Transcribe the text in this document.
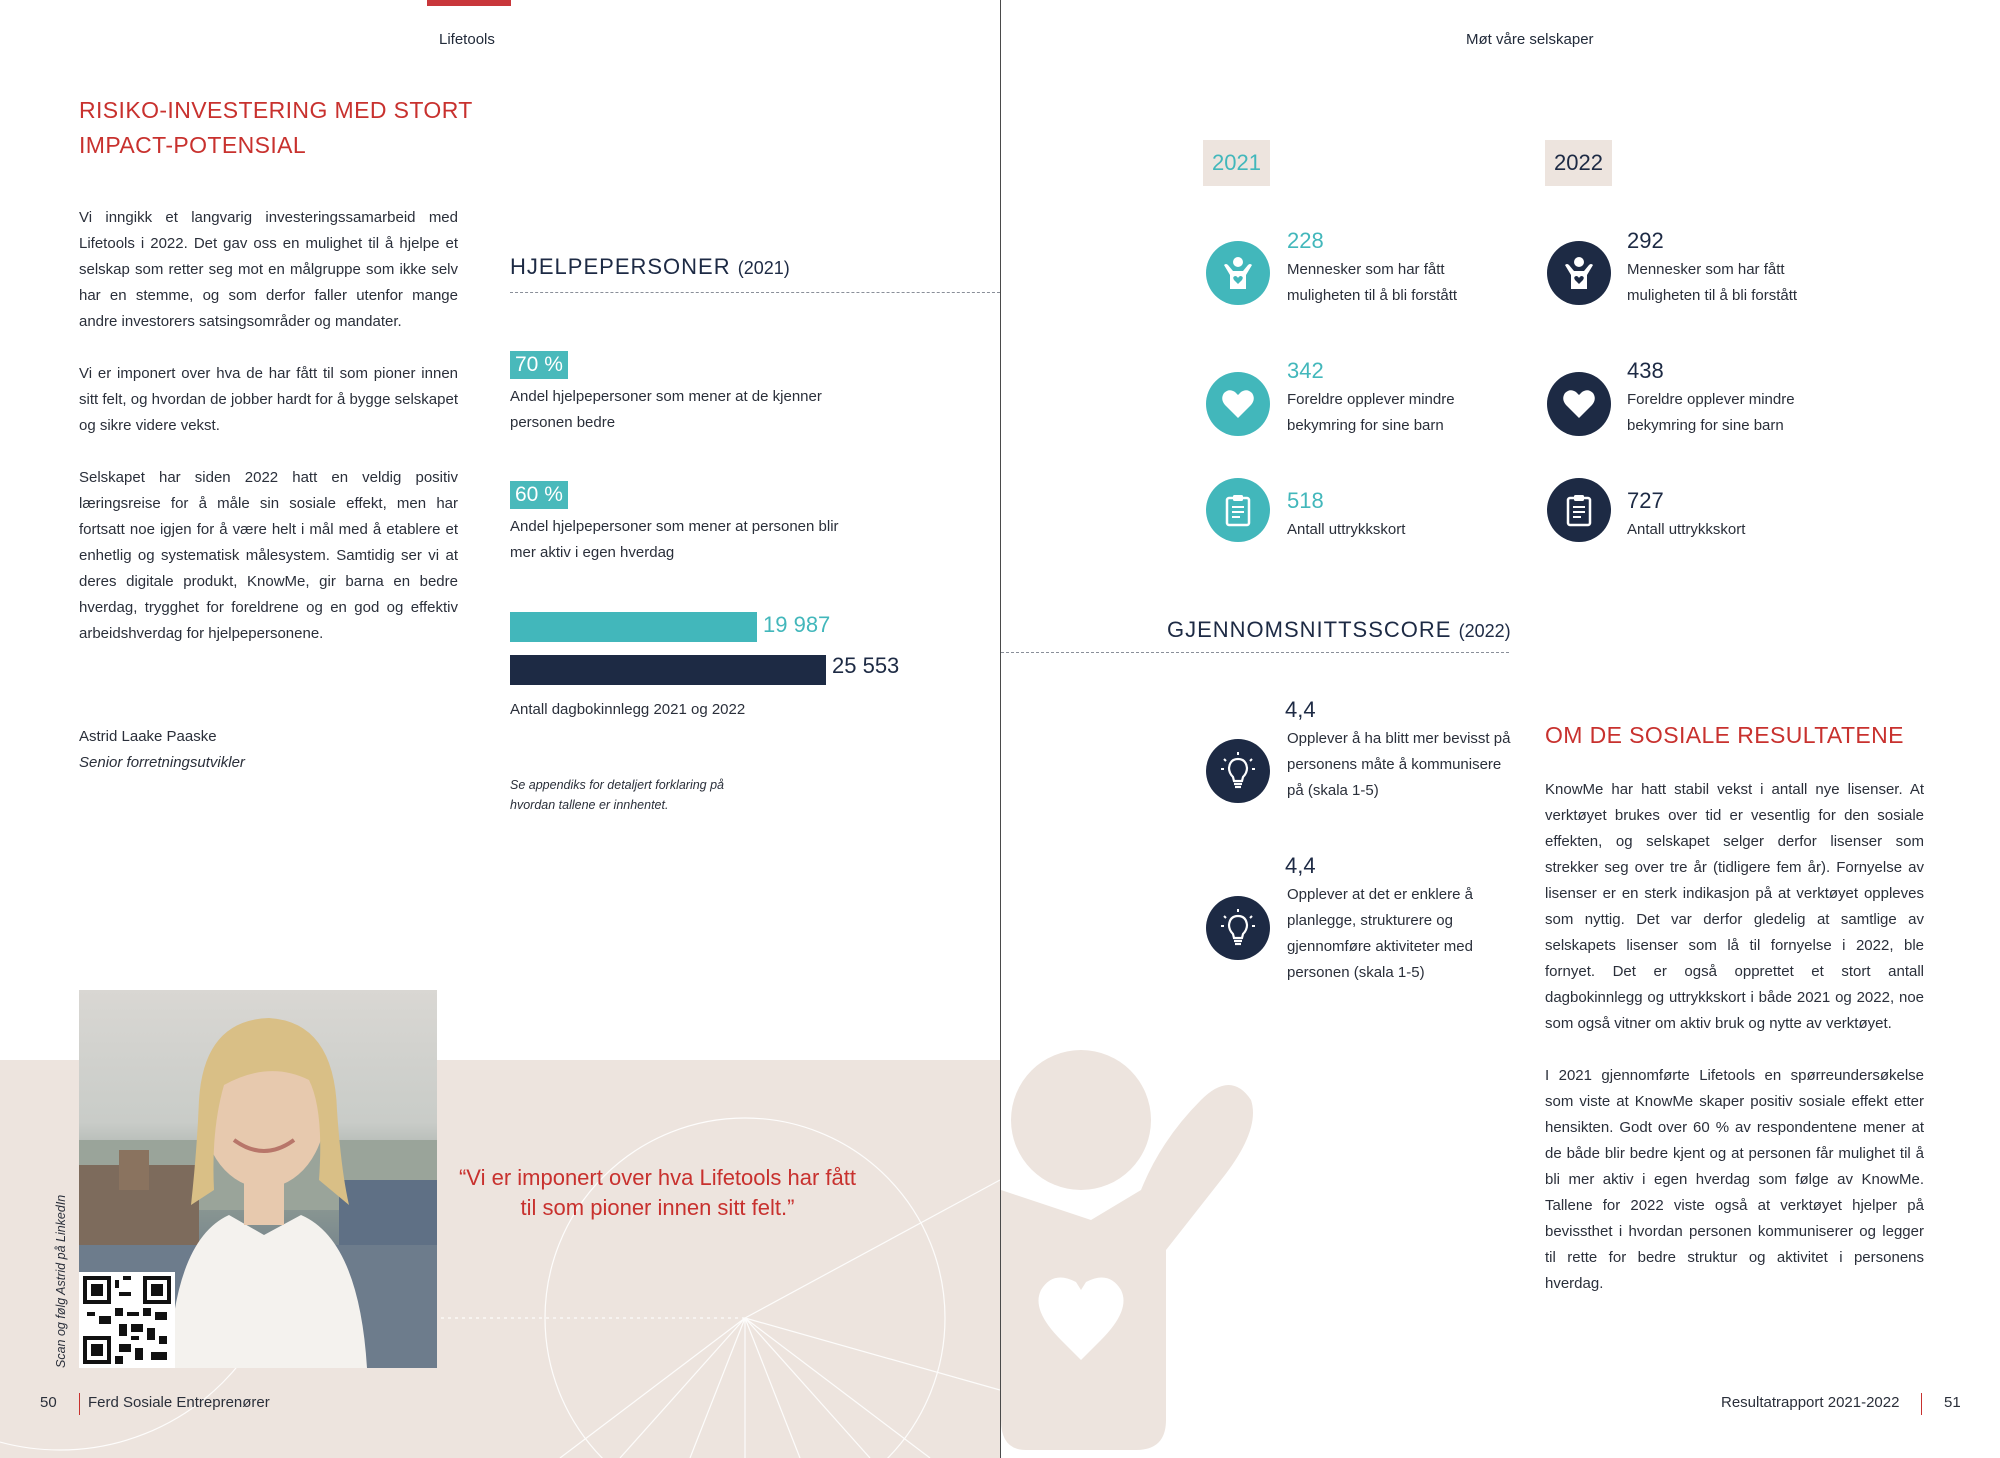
Lifetools
RISIKO-INVESTERING MED STORT
IMPACT-POTENSIAL

Vi inngikk et langvarig investeringssamarbeid med Lifetools i 2022. Det gav oss en mulighet til å hjelpe et selskap som retter seg mot en målgruppe som ikke selv har en stemme, og som derfor faller utenfor mange andre investorers satsingsområder og mandater.

Vi er imponert over hva de har fått til som pioner innen sitt felt, og hvordan de jobber hardt for å bygge selskapet og sikre videre vekst.

Selskapet har siden 2022 hatt en veldig positiv læringsreise for å måle sin sosiale effekt, men har fortsatt noe igjen for å være helt i mål med å etablere et enhetlig og systematisk målesystem. Samtidig ser vi at deres digitale produkt, KnowMe, gir barna en bedre hverdag, trygghet for foreldrene og en god og effektiv arbeidshverdag for hjelpepersonene.

Astrid Laake Paaske
Senior forretningsutvikler
HJELPEPERSONER (2021)
70 %
Andel hjelpepersoner som mener at de kjenner personen bedre
60 %
Andel hjelpepersoner som mener at personen blir mer aktiv i egen hverdag
19 987
25 553
Antall dagbokinnlegg 2021 og 2022
Se appendiks for detaljert forklaring på hvordan tallene er innhentet.
Scan og følg Astrid på LinkedIn
“Vi er imponert over hva Lifetools har fått til som pioner innen sitt felt.”
50 Ferd Sosiale Entreprenører
Møt våre selskaper
2021	2022
228
Mennesker som har fått muligheten til å bli forstått
342
Foreldre opplever mindre bekymring for sine barn
518
Antall uttrykkskort
292
Mennesker som har fått muligheten til å bli forstått
438
Foreldre opplever mindre bekymring for sine barn
727
Antall uttrykkskort
GJENNOMSNITTSSCORE (2022)
4,4
Opplever å ha blitt mer bevisst på personens måte å kommunisere på (skala 1-5)
4,4
Opplever at det er enklere å planlegge, strukturere og gjennomføre aktiviteter med personen (skala 1-5)
OM DE SOSIALE RESULTATENE

KnowMe har hatt stabil vekst i antall nye lisenser. At verktøyet brukes over tid er vesentlig for den sosiale effekten, og selskapet selger derfor lisenser som strekker seg over tre år (tidligere fem år). Fornyelse av lisenser er en sterk indikasjon på at verktøyet oppleves som nyttig. Det var derfor gledelig at samtlige av selskapets lisenser som lå til fornyelse i 2022, ble fornyet. Det er også opprettet et stort antall dagbokinnlegg og uttrykkskort i både 2021 og 2022, noe som også vitner om aktiv bruk og nytte av verktøyet.

I 2021 gjennomførte Lifetools en spørreundersøkelse som viste at KnowMe skaper positiv sosiale effekt etter hensikten. Godt over 60 % av respondentene mener at de både blir bedre kjent og at personen får mulighet til å bli mer aktiv i egen hverdag som følge av KnowMe. Tallene for 2022 viste også at verktøyet hjelper på bevissthet i hvordan personen kommuniserer og legger til rette for bedre struktur og aktivitet i personens hverdag.

Resultatrapport 2021-2022	51
